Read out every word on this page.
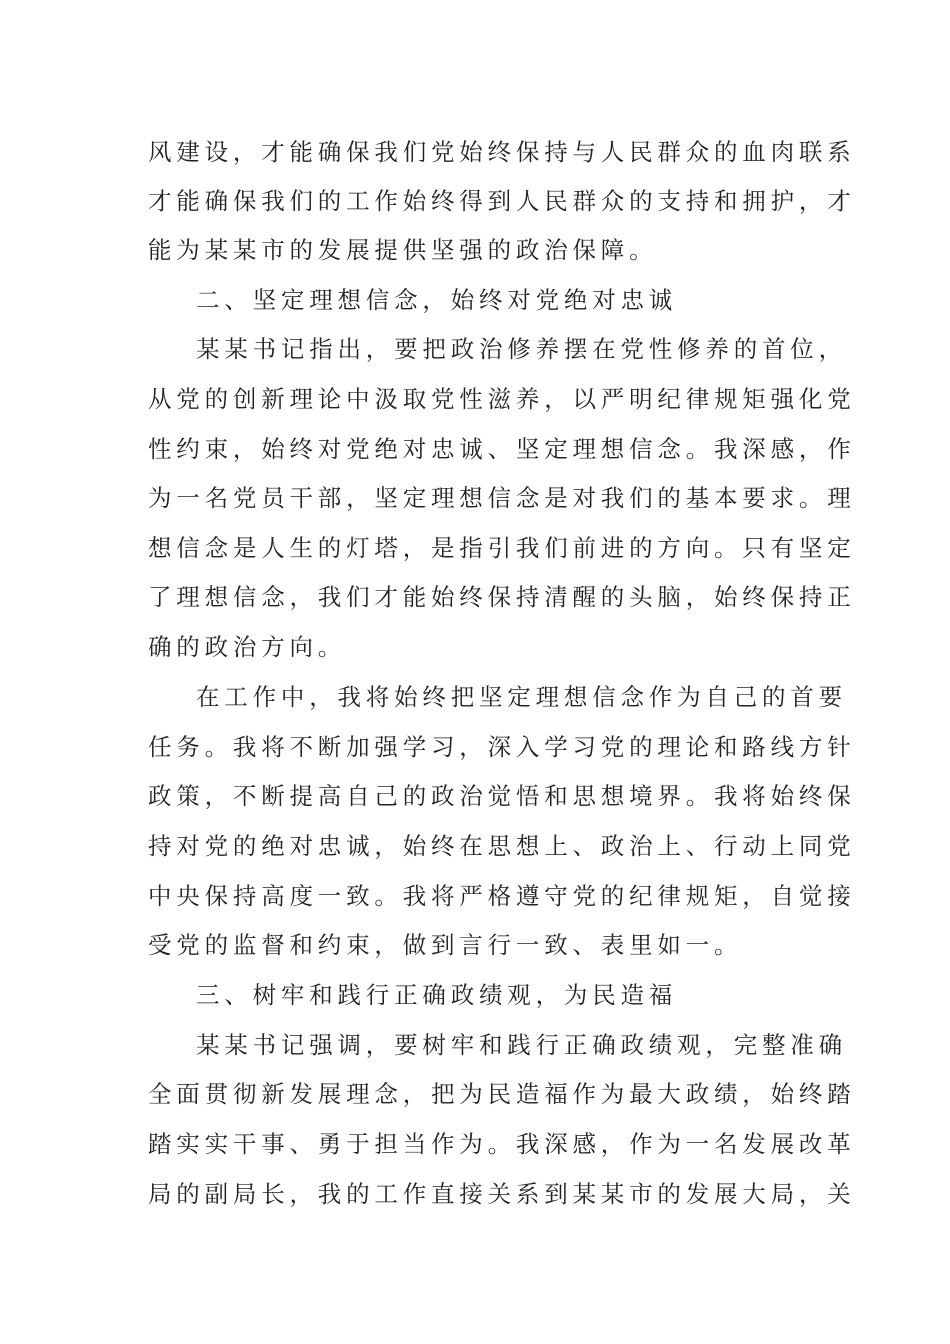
风建设，才能确保我们党始终保持与人民群众的血肉联系
才能确保我们的工作始终得到人民群众的支持和拥护，才
能为某某市的发展提供坚强的政治保障。
二、坚定理想信念，始终对党绝对忠诚
某某书记指出，要把政治修养摆在党性修养的首位，
从党的创新理论中汲取党性滋养，以严明纪律规矩强化党
性约束，始终对党绝对忠诚、坚定理想信念。我深感，作
为一名党员干部，坚定理想信念是对我们的基本要求。理
想信念是人生的灯塔，是指引我们前进的方向。只有坚定
了理想信念，我们才能始终保持清醒的头脑，始终保持正
确的政治方向。
在工作中，我将始终把坚定理想信念作为自己的首要
任务。我将不断加强学习，深入学习党的理论和路线方针
政策，不断提高自己的政治觉悟和思想境界。我将始终保
持对党的绝对忠诚，始终在思想上、政治上、行动上同党
中央保持高度一致。我将严格遵守党的纪律规矩，自觉接
受党的监督和约束，做到言行一致、表里如一。
三、树牢和践行正确政绩观，为民造福
某某书记强调，要树牢和践行正确政绩观，完整准确
全面贯彻新发展理念，把为民造福作为最大政绩，始终踏
踏实实干事、勇于担当作为。我深感，作为一名发展改革
局的副局长，我的工作直接关系到某某市的发展大局，关
